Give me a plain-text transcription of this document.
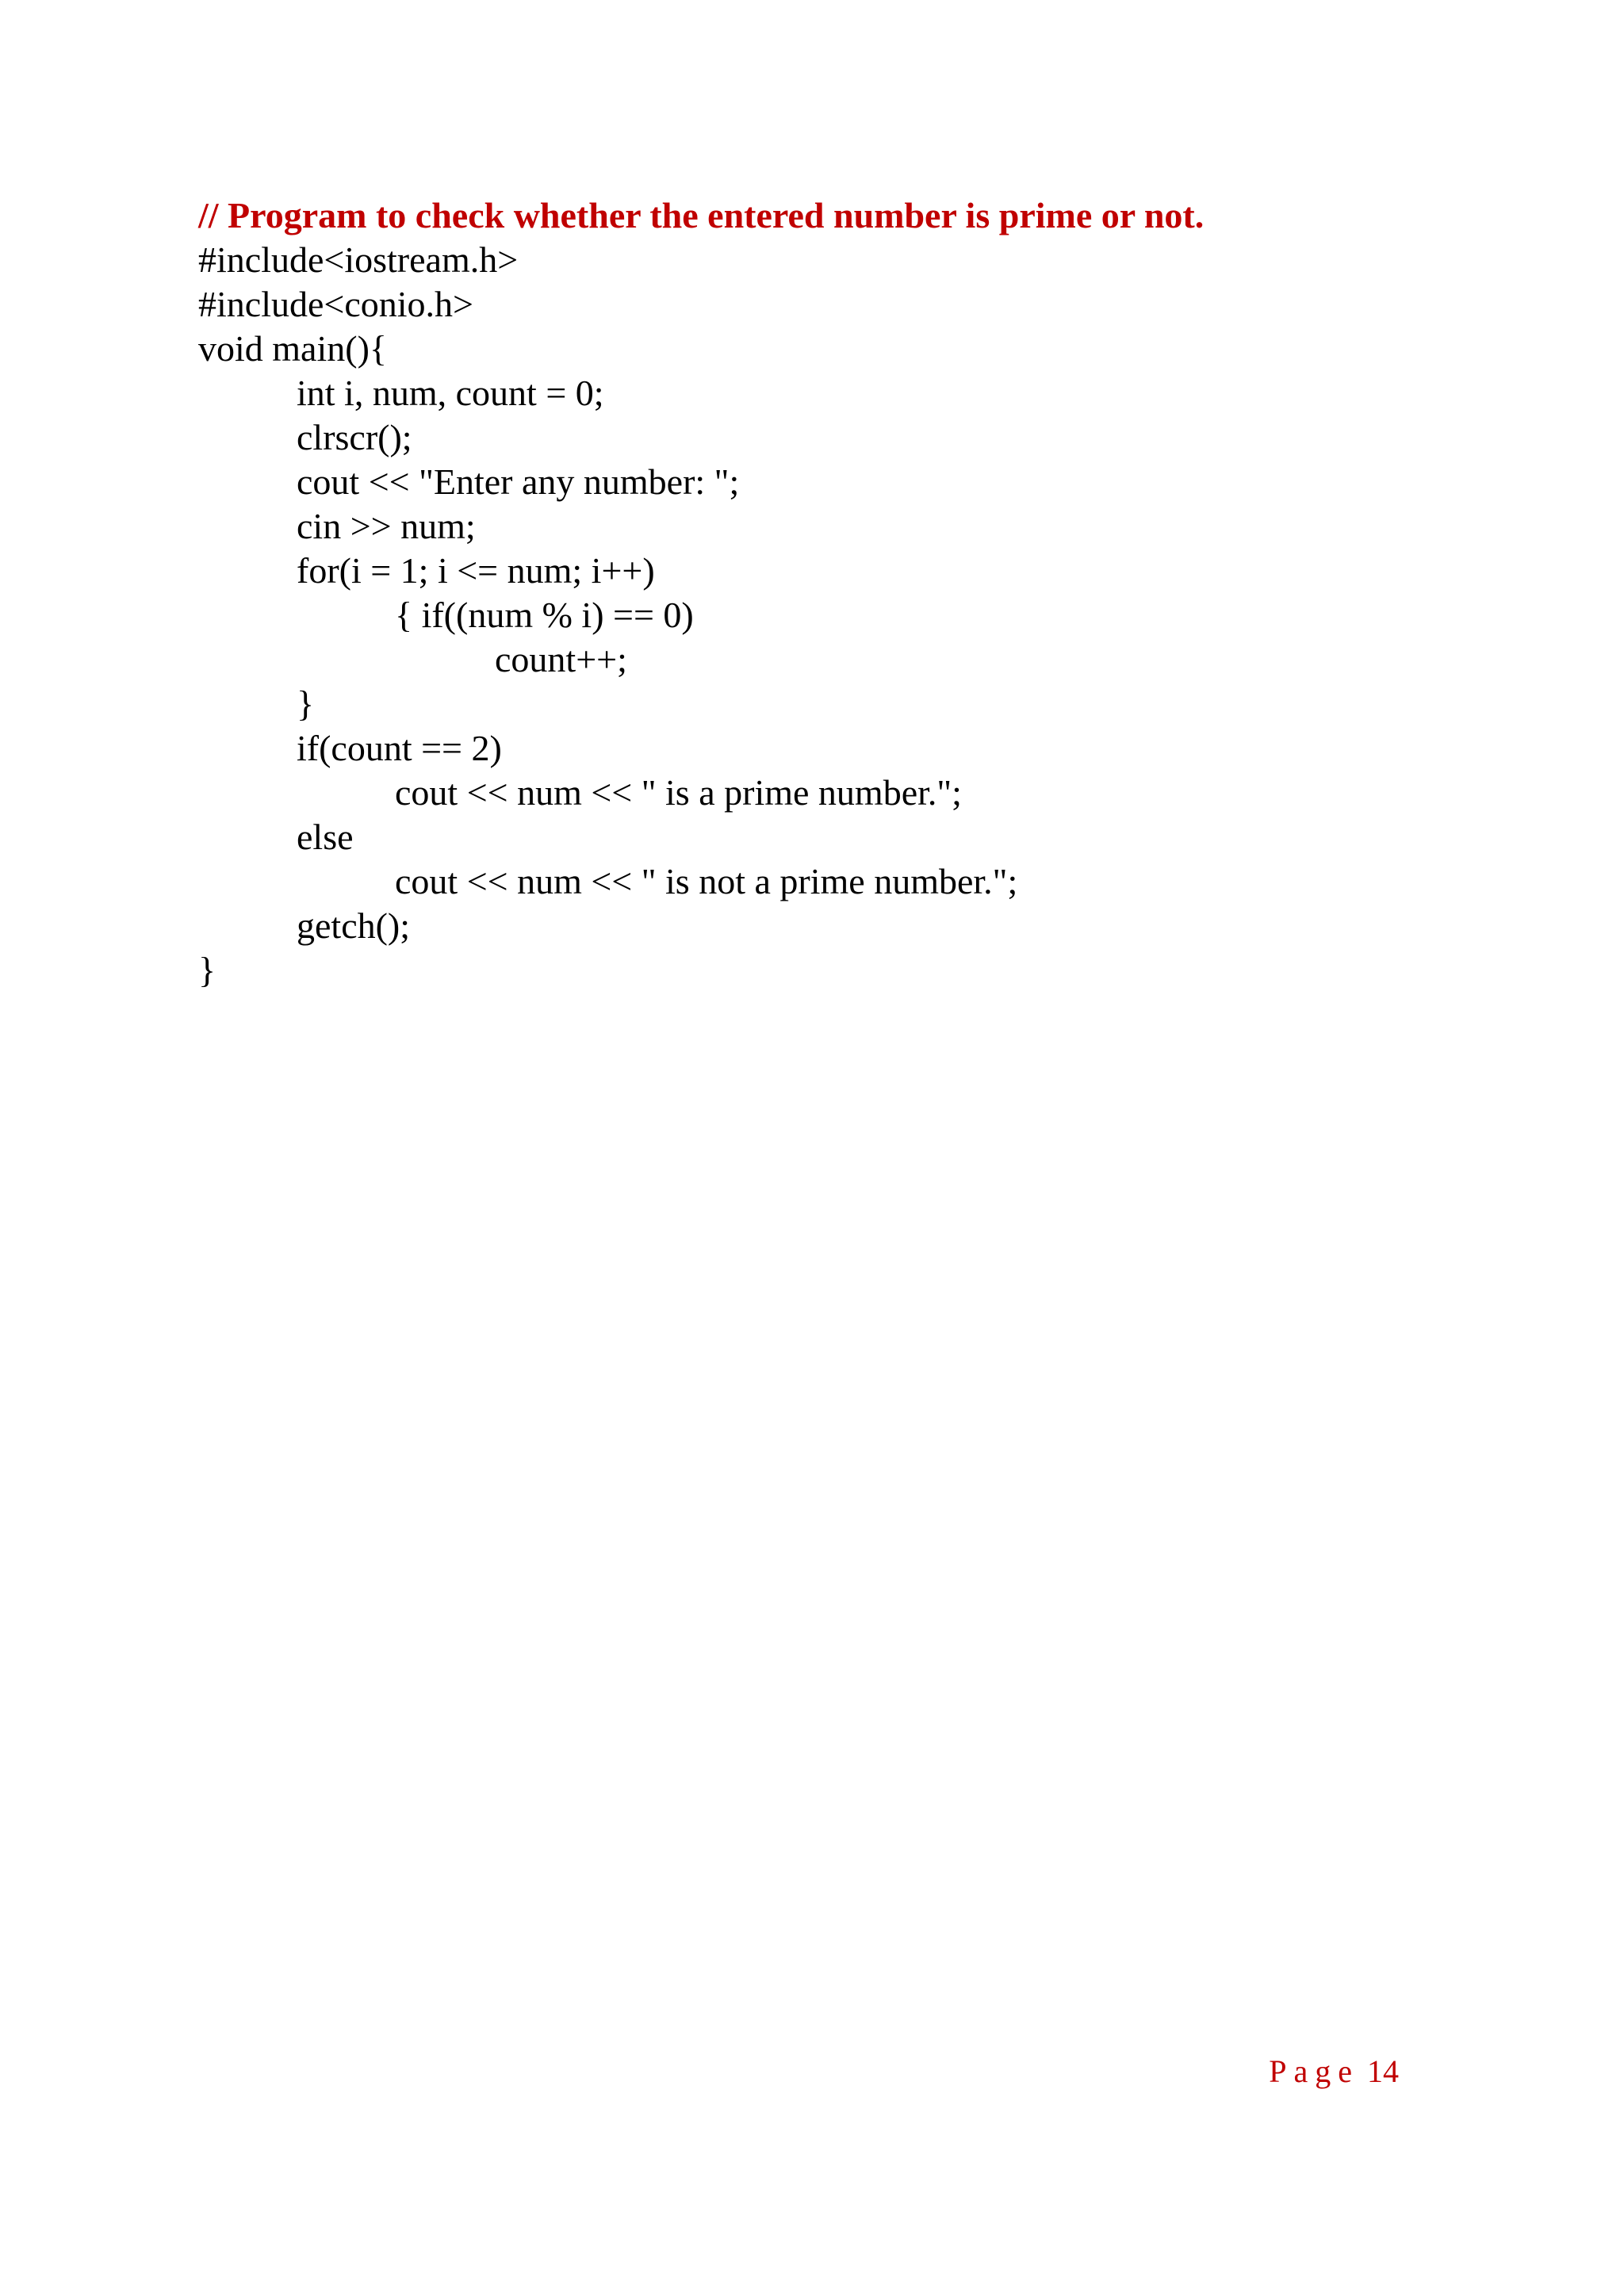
// Program to check whether the entered number is prime or not.
#include<iostream.h>
#include<conio.h>
void main(){
int i, num, count = 0;
clrscr();
cout << "Enter any number: ";
cin >> num;
for(i = 1; i <= num; i++)
{ if((num % i) == 0)
count++;
}
if(count == 2)
cout << num << " is a prime number.";
else
cout << num << " is not a prime number.";
getch();
}
Page 14
